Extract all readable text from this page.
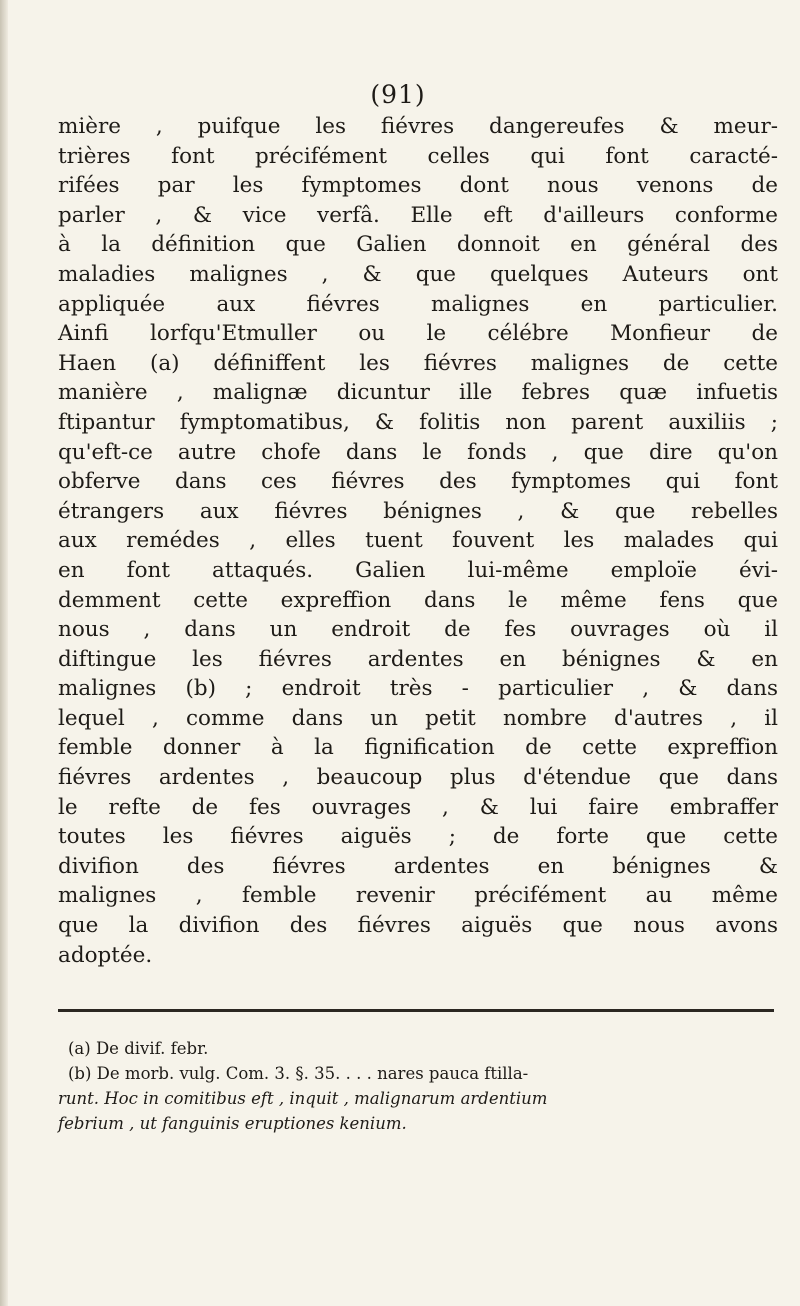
(91)
mière , puifque les fiévres dangereufes & meur-
trières font précifément celles qui font caracté-
rifées par les fymptomes dont nous venons de
parler , & vice verfâ. Elle eft d'ailleurs conforme
à la définition que Galien donnoit en général des
maladies malignes , & que quelques Auteurs ont
appliquée aux fiévres malignes en particulier.
Ainfi lorfqu'Etmuller ou le célébre Monfieur de
Haen (a) définiffent les fiévres malignes de cette
manière , malignæ dicuntur ille febres quæ infuetis
ftipantur fymptomatibus, & folitis non parent auxiliis ;
qu'eft-ce autre chofe dans le fonds , que dire qu'on
obferve dans ces fiévres des fymptomes qui font
étrangers aux fiévres bénignes , & que rebelles
aux remédes , elles tuent fouvent les malades qui
en font attaqués. Galien lui-même emploïe évi-
demment cette expreffion dans le même fens que
nous , dans un endroit de fes ouvrages où il
diftingue les fiévres ardentes en bénignes & en
malignes (b) ; endroit très - particulier , & dans
lequel , comme dans un petit nombre d'autres , il
femble donner à la fignification de cette expreffion
fiévres ardentes , beaucoup plus d'étendue que dans
le refte de fes ouvrages , & lui faire embraffer
toutes les fiévres aiguës ; de forte que cette
divifion des fiévres ardentes en bénignes &
malignes , femble revenir précifément au même
que la divifion des fiévres aiguës que nous avons
adoptée.
(a) De divif. febr.
(b) De morb. vulg. Com. 3. §. 35. . . . nares pauca ftilla-
runt. Hoc in comitibus eft , inquit , malignarum ardentium
febrium , ut fanguinis eruptiones kenium.
